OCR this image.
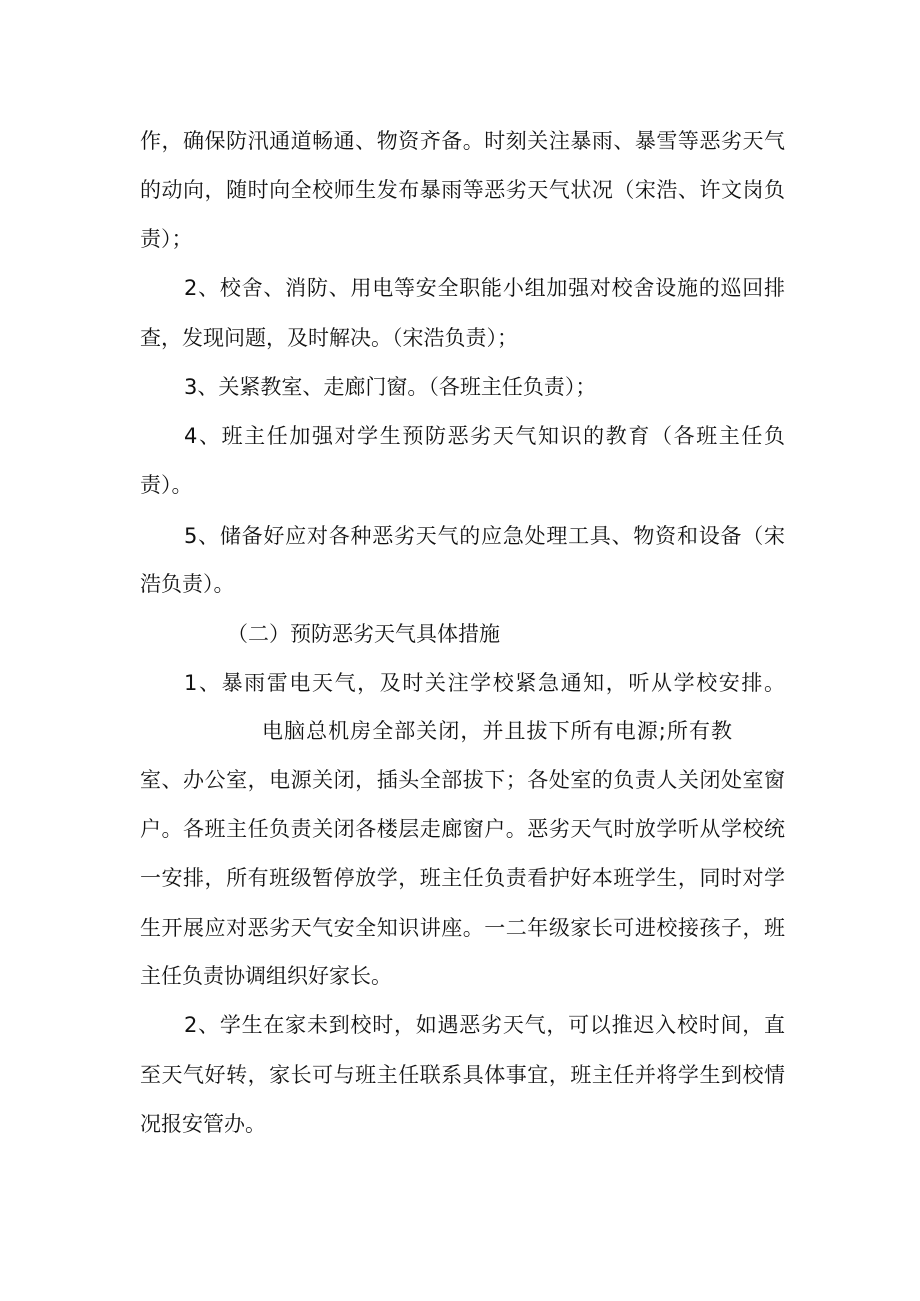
作，确保防汛通道畅通、物资齐备。时刻关注暴雨、暴雪等恶劣天气
的动向，随时向全校师生发布暴雨等恶劣天气状况（宋浩、许文岗负
责）；
2、校舍、消防、用电等安全职能小组加强对校舍设施的巡回排
查，发现问题，及时解决。（宋浩负责）；
3、关紧教室、走廊门窗。（各班主任负责）；
4、班主任加强对学生预防恶劣天气知识的教育（各班主任负
责）。
5、储备好应对各种恶劣天气的应急处理工具、物资和设备（宋
浩负责）。
（二）预防恶劣天气具体措施
1、暴雨雷电天气，及时关注学校紧急通知，听从学校安排。
电脑总机房全部关闭，并且拔下所有电源;所有教
室、办公室，电源关闭，插头全部拔下；各处室的负责人关闭处室窗
户。各班主任负责关闭各楼层走廊窗户。恶劣天气时放学听从学校统
一安排，所有班级暂停放学，班主任负责看护好本班学生，同时对学
生开展应对恶劣天气安全知识讲座。一二年级家长可进校接孩子，班
主任负责协调组织好家长。
2、学生在家未到校时，如遇恶劣天气，可以推迟入校时间，直
至天气好转，家长可与班主任联系具体事宜，班主任并将学生到校情
况报安管办。
